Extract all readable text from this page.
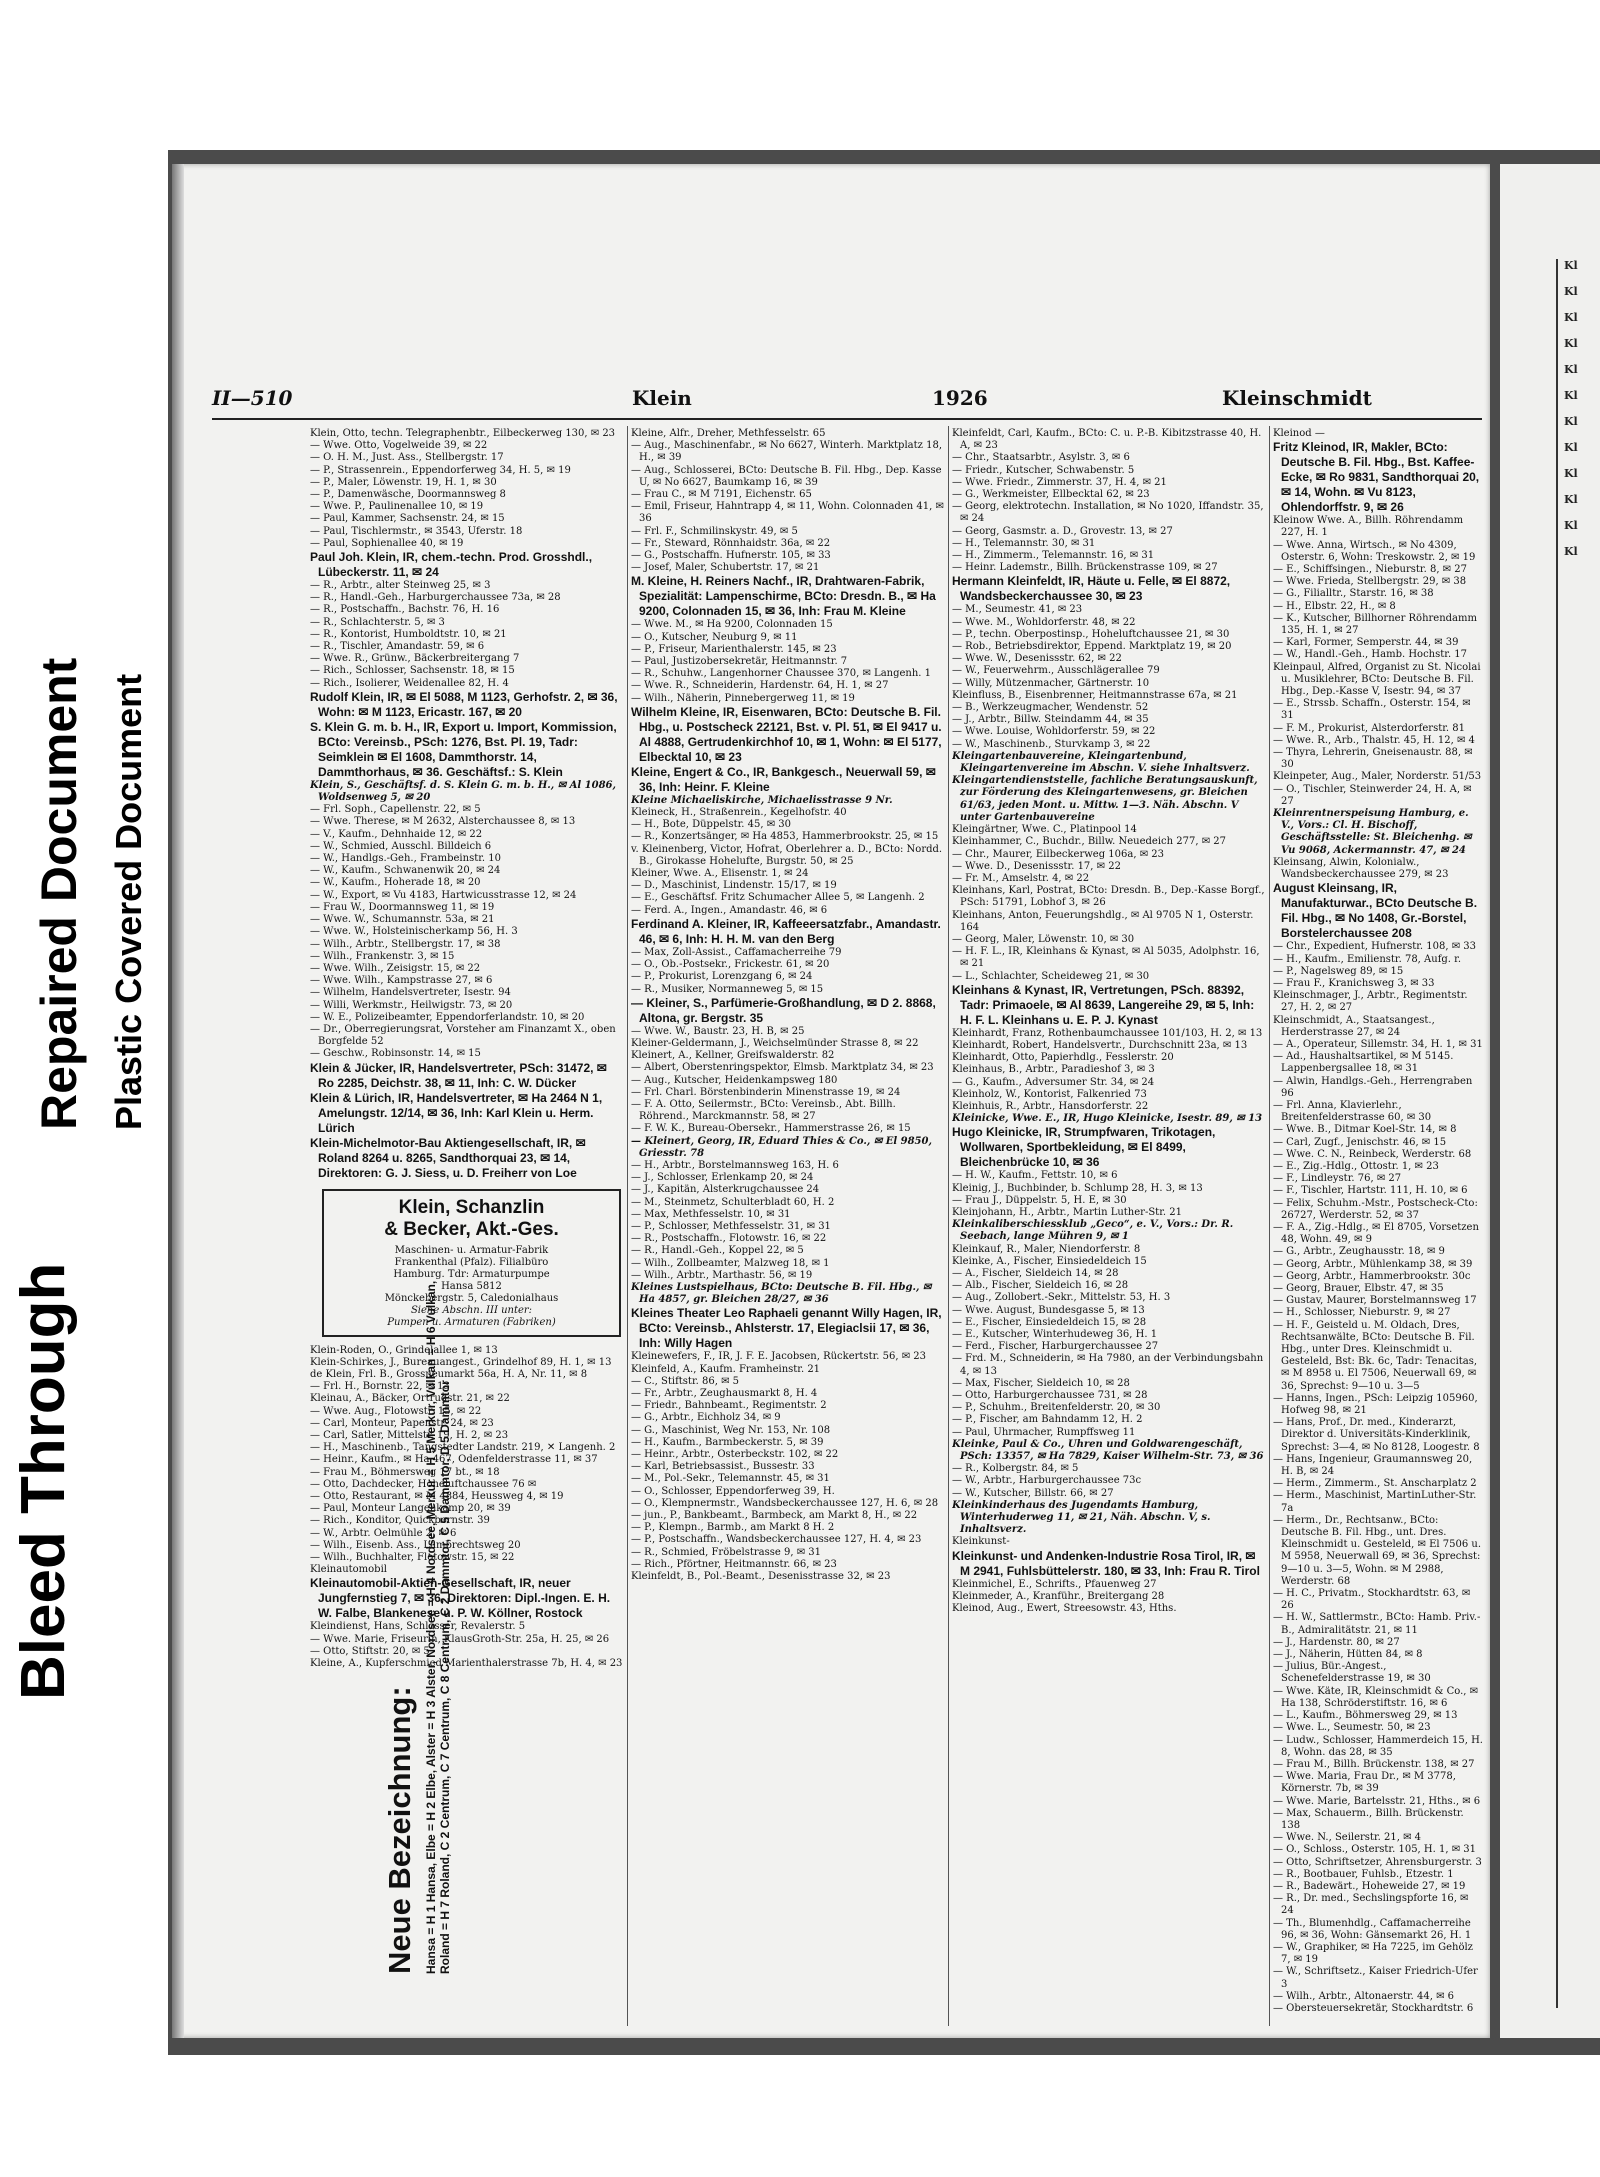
Bleed Through
Repaired Document Plastic Covered Document
II—510	Klein	1926	Kleinschmidt
Neue Bezeichnung: Hansa = H 1 Hansa, Elbe = H 2 Elbe, Alster = H 3 Alster, Nordsee = H 4 Nordsee, Merkur = H 5 Merkur, Vulkan = H 6 Vulkan, Roland = H 7 Roland, C 2 Centrum, C 7 Centrum, C 8 Centrum, C 2 Dammtor, C 5 Dammtor, D 5 Dammtor

Klein, Otto, techn. Telegraphenbtr., Eilbeckerweg 130, ✉ 23

— Wwe. Otto, Vogelweide 39, ✉ 22

— O. H. M., Just. Ass., Stellbergstr. 17

— P., Strassenrein., Eppendorferweg 34, H. 5, ✉ 19

— P., Maler, Löwenstr. 19, H. 1, ✉ 30

— P., Damenwäsche, Doormannsweg 8

— Wwe. P., Paulinenallee 10, ✉ 19

— Paul, Kammer, Sachsenstr. 24, ✉ 15

— Paul, Tischlermstr., ✉ 3543, Uferstr. 18

— Paul, Sophienallee 40, ✉ 19

Paul Joh. Klein, IR, chem.-techn. Prod. Grosshdl., Lübeckerstr. 11, ✉ 24

— R., Arbtr., alter Steinweg 25, ✉ 3

— R., Handl.-Geh., Harburgerchaussee 73a, ✉ 28

— R., Postschaffn., Bachstr. 76, H. 16

— R., Schlachterstr. 5, ✉ 3

— R., Kontorist, Humboldtstr. 10, ✉ 21

— R., Tischler, Amandastr. 59, ✉ 6

— Wwe. R., Grünw., Bäckerbreitergang 7

— Rich., Schlosser, Sachsenstr. 18, ✉ 15

— Rich., Isolierer, Weidenallee 82, H. 4

Rudolf Klein, IR, ✉ El 5088, M 1123, Gerhofstr. 2, ✉ 36, Wohn: ✉ M 1123, Ericastr. 167, ✉ 20

S. Klein G. m. b. H., IR, Export u. Import, Kommission, BCto: Vereinsb., PSch: 1276, Bst. Pl. 19, Tadr: Seimklein ✉ El 1608, Dammthorstr. 14, Dammthorhaus, ✉ 36. Geschäftsf.: S. Klein

Klein, S., Geschäftsf. d. S. Klein G. m. b. H., ✉ Al 1086, Woldsenweg 5, ✉ 20

— Frl. Soph., Capellenstr. 22, ✉ 5

— Wwe. Therese, ✉ M 2632, Alsterchaussee 8, ✉ 13

— V., Kaufm., Dehnhaide 12, ✉ 22

— W., Schmied, Ausschl. Billdeich 6

— W., Handlgs.-Geh., Frambeinstr. 10

— W., Kaufm., Schwanenwik 20, ✉ 24

— W., Kaufm., Hoherade 18, ✉ 20

— W., Export, ✉ Vu 4183, Hartwicusstrasse 12, ✉ 24

— Frau W., Doormannsweg 11, ✉ 19

— Wwe. W., Schumannstr. 53a, ✉ 21

— Wwe. W., Holsteinischerkamp 56, H. 3

— Wilh., Arbtr., Stellbergstr. 17, ✉ 38

— Wilh., Frankenstr. 3, ✉ 15

— Wwe. Wilh., Zeisigstr. 15, ✉ 22

— Wwe. Wilh., Kampstrasse 27, ✉ 6

— Wilhelm, Handelsvertreter, Isestr. 94

— Willi, Werkmstr., Heilwigstr. 73, ✉ 20

— W. E., Polizeibeamter, Eppendorferlandstr. 10, ✉ 20

— Dr., Oberregierungsrat, Vorsteher am Finanzamt X., oben Borgfelde 52

— Geschw., Robinsonstr. 14, ✉ 15

Klein & Jücker, IR, Handelsvertreter, PSch: 31472, ✉ Ro 2285, Deichstr. 38, ✉ 11, Inh: C. W. Dücker

Klein & Lürich, IR, Handelsvertreter, ✉ Ha 2464 N 1, Amelungstr. 12/14, ✉ 36, Inh: Karl Klein u. Herm. Lürich

Klein-Michelmotor-Bau Aktiengesellschaft, IR, ✉ Roland 8264 u. 8265, Sandthorquai 23, ✉ 14, Direktoren: G. J. Siess, u. D. Freiherr von Loe

Klein, Schanzlin
& Becker, Akt.-Ges.
Maschinen- u. Armatur-Fabrik
Frankenthal (Pfalz). Filialbüro
Hamburg. Tdr: Armaturpumpe
Hansa 5812
Mönckebergstr. 5, Caledonialhaus
Siehe Abschn. III unter:
Pumpen u. Armaturen (Fabriken)

Klein-Roden, O., Grindelallee 1, ✉ 13

Klein-Schirkes, J., Bureauangest., Grindelhof 89, H. 1, ✉ 13

de Klein, Frl. B., Grossneumarkt 56a, H. A, Nr. 11, ✉ 8

— Frl. H., Bornstr. 22, ✉ 13

Kleinau, A., Bäcker, Ortrudstr. 21, ✉ 22

— Wwe. Aug., Flotowstr. 15, ✉ 22

— Carl, Monteur, Papenstr. 24, ✉ 23

— Carl, Satler, Mittelstr. 19, H. 2, ✉ 23

— H., Maschinenb., Tangstedter Landstr. 219, ✕ Langenh. 2

— Heinr., Kaufm., ✉ Ha 467, Odenfelderstrasse 11, ✉ 37

— Frau M., Böhmersweg 17 bt., ✉ 18

— Otto, Dachdecker, Hoheluftchaussee 76 ✉

— Otto, Restaurant, ✉ M 4884, Heussweg 4, ✉ 19

— Paul, Monteur Langenkamp 20, ✉ 39

— Rich., Konditor, Quickbornstr. 39

— W., Arbtr. Oelmühle 2, ✉ 6

— Wilh., Eisenb. Ass., Lambrechtsweg 20

— Wilh., Buchhalter, Flotowstr. 15, ✉ 22

Kleinautomobil

Kleinautomobil-Aktien-Gesellschaft, IR, neuer Jungfernstieg 7, ✉ 36, Direktoren: Dipl.-Ingen. E. H. W. Falbe, Blankenese u. P. W. Köllner, Rostock

Kleindienst, Hans, Schlosser, Revalerstr. 5

— Wwe. Marie, Friseurin, KlausGroth-Str. 25a, H. 25, ✉ 26

— Otto, Stiftstr. 20, ✉ 5

Kleine, A., Kupferschmied Marienthalerstrasse 7b, H. 4, ✉ 23

Kleine, Alfr., Dreher, Methfesselstr. 65

— Aug., Maschinenfabr., ✉ No 6627, Winterh. Marktplatz 18, H., ✉ 39

— Aug., Schlosserei, BCto: Deutsche B. Fil. Hbg., Dep. Kasse U, ✉ No 6627, Baumkamp 16, ✉ 39

— Frau C., ✉ M 7191, Eichenstr. 65

— Emil, Friseur, Hahntrapp 4, ✉ 11, Wohn. Colonnaden 41, ✉ 36

— Frl. F., Schmilinskystr. 49, ✉ 5

— Fr., Steward, Rönnhaidstr. 36a, ✉ 22

— G., Postschaffn. Hufnerstr. 105, ✉ 33

— Josef, Maler, Schubertstr. 17, ✉ 21

M. Kleine, H. Reiners Nachf., IR, Drahtwaren-Fabrik, Spezialität: Lampenschirme, BCto: Dresdn. B., ✉ Ha 9200, Colonnaden 15, ✉ 36, Inh: Frau M. Kleine

— Wwe. M., ✉ Ha 9200, Colonnaden 15

— O., Kutscher, Neuburg 9, ✉ 11

— P., Friseur, Marienthalerstr. 145, ✉ 23

— Paul, Justizobersekretär, Heitmannstr. 7

— R., Schuhw., Langenhorner Chaussee 370, ✉ Langenh. 1

— Wwe. R., Schneiderin, Hardenstr. 64, H. 1, ✉ 27

— Wilh., Näherin, Pinnebergerweg 11, ✉ 19

Wilhelm Kleine, IR, Eisenwaren, BCto: Deutsche B. Fil. Hbg., u. Postscheck 22121, Bst. v. Pl. 51, ✉ El 9417 u. Al 4888, Gertrudenkirchhof 10, ✉ 1, Wohn: ✉ El 5177, Elbecktal 10, ✉ 23

Kleine, Engert & Co., IR, Bankgesch., Neuerwall 59, ✉ 36, Inh: Heinr. F. Kleine

Kleine Michaeliskirche, Michaelisstrasse 9 Nr.

Kleineck, H., Straßenrein., Kegelhofstr. 40

— H., Bote, Düppelstr. 45, ✉ 30

— R., Konzertsänger, ✉ Ha 4853, Hammerbrookstr. 25, ✉ 15

v. Kleinenberg, Victor, Hofrat, Oberlehrer a. D., BCto: Nordd. B., Girokasse Hohelufte, Burgstr. 50, ✉ 25

Kleiner, Wwe. A., Elisenstr. 1, ✉ 24

— D., Maschinist, Lindenstr. 15/17, ✉ 19

— E., Geschäftsf. Fritz Schumacher Allee 5, ✉ Langenh. 2

— Ferd. A., Ingen., Amandastr. 46, ✉ 6

Ferdinand A. Kleiner, IR, Kaffeeersatzfabr., Amandastr. 46, ✉ 6, Inh: H. H. M. van den Berg

— Max, Zoll-Assist., Caffamacherreihe 79

— O., Ob.-Postsekr., Frickestr. 61, ✉ 20

— P., Prokurist, Lorenzgang 6, ✉ 24

— R., Musiker, Normanneweg 5, ✉ 15

— Kleiner, S., Parfümerie-Großhandlung, ✉ D 2. 8868, Altona, gr. Bergstr. 35

— Wwe. W., Baustr. 23, H. B, ✉ 25

Kleiner-Geldermann, J., Weichselmünder Strasse 8, ✉ 22

Kleinert, A., Kellner, Greifswalderstr. 82

— Albert, Oberstenringspektor, Elmsb. Marktplatz 34, ✉ 23

— Aug., Kutscher, Heidenkampsweg 180

— Frl. Charl. Börstenbinderin Minenstrasse 19, ✉ 24

— F. A. Otto, Seilermstr., BCto: Vereinsb., Abt. Billh. Röhrend., Marckmannstr. 58, ✉ 27

— F. W. K., Bureau-Obersekr., Hammerstrasse 26, ✉ 15

— Kleinert, Georg, IR, Eduard Thies & Co., ✉ El 9850, Griesstr. 78

— H., Arbtr., Borstelmannsweg 163, H. 6

— J., Schlosser, Erlenkamp 20, ✉ 24

— J., Kapitän, Alsterkrugchaussee 24

— M., Steinmetz, Schulterbladt 60, H. 2

— Max, Methfesselstr. 10, ✉ 31

— P., Schlosser, Methfesselstr. 31, ✉ 31

— R., Postschaffn., Flotowstr. 16, ✉ 22

— R., Handl.-Geh., Koppel 22, ✉ 5

— Wilh., Zollbeamter, Malzweg 18, ✉ 1

— Wilh., Arbtr., Marthastr. 56, ✉ 19

Kleines Lustspielhaus, BCto: Deutsche B. Fil. Hbg., ✉ Ha 4857, gr. Bleichen 28/27, ✉ 36

Kleines Theater Leo Raphaeli genannt Willy Hagen, IR, BCto: Vereinsb., Ahlsterstr. 17, Elegiaclsii 17, ✉ 36, Inh: Willy Hagen

Kleinewefers, F., IR, J. F. E. Jacobsen, Rückertstr. 56, ✉ 23

Kleinfeld, A., Kaufm. Framheinstr. 21

— C., Stiftstr. 86, ✉ 5

— Fr., Arbtr., Zeughausmarkt 8, H. 4

— Friedr., Bahnbeamt., Regimentstr. 2

— G., Arbtr., Eichholz 34, ✉ 9

— G., Maschinist, Weg Nr. 153, Nr. 108

— H., Kaufm., Barmbeckerstr. 5, ✉ 39

— Heinr., Arbtr., Osterbeckstr. 102, ✉ 22

— Karl, Betriebsassist., Bussestr. 33

— M., Pol.-Sekr., Telemannstr. 45, ✉ 31

— O., Schlosser, Eppendorferweg 39, H.

— O., Klempnermstr., Wandsbeckerchaussee 127, H. 6, ✉ 28

— jun., P., Bankbeamt., Barmbeck, am Markt 8, H., ✉ 22

— P., Klempn., Barmb., am Markt 8 H. 2

— P., Postschaffn., Wandsbeckerchaussee 127, H. 4, ✉ 23

— R., Schmied, Fröbelstrasse 9, ✉ 31

— Rich., Pförtner, Heitmannstr. 66, ✉ 23

Kleinfeldt, B., Pol.-Beamt., Desenisstrasse 32, ✉ 23

Kleinfeldt, Carl, Kaufm., BCto: C. u. P.-B. Kibitzstrasse 40, H. A, ✉ 23

— Chr., Staatsarbtr., Asylstr. 3, ✉ 6

— Friedr., Kutscher, Schwabenstr. 5

— Wwe. Friedr., Zimmerstr. 37, H. 4, ✉ 21

— G., Werkmeister, Ellbecktal 62, ✉ 23

— Georg, elektrotechn. Installation, ✉ No 1020, Iffandstr. 35, ✉ 24

— Georg, Gasmstr. a. D., Grovestr. 13, ✉ 27

— H., Telemannstr. 30, ✉ 31

— H., Zimmerm., Telemannstr. 16, ✉ 31

— Heinr. Lademstr., Billh. Brückenstrasse 109, ✉ 27

Hermann Kleinfeldt, IR, Häute u. Felle, ✉ El 8872, Wandsbeckerchaussee 30, ✉ 23

— M., Seumestr. 41, ✉ 23

— Wwe. M., Wohldorferstr. 48, ✉ 22

— P., techn. Oberpostinsp., Hoheluftchaussee 21, ✉ 30

— Rob., Betriebsdirektor, Eppend. Marktplatz 19, ✉ 20

— Wwe. W., Desenissstr. 62, ✉ 22

— W., Feuerwehrm., Ausschlägerallee 79

— Willy, Mützenmacher, Gärtnerstr. 10

Kleinfluss, B., Eisenbrenner, Heitmannstrasse 67a, ✉ 21

— B., Werkzeugmacher, Wendenstr. 52

— J., Arbtr., Billw. Steindamm 44, ✉ 35

— Wwe. Louise, Wohldorferstr. 59, ✉ 22

— W., Maschinenb., Sturvkamp 3, ✉ 22

Kleingartenbauvereine, Kleingartenbund, Kleingartenvereine im Abschn. V. siehe Inhaltsverz.

Kleingartendienststelle, fachliche Beratungsauskunft, zur Förderung des Kleingartenwesens, gr. Bleichen 61/63, jeden Mont. u. Mittw. 1—3. Näh. Abschn. V unter Gartenbauvereine

Kleingärtner, Wwe. C., Platinpool 14

Kleinhammer, C., Buchdr., Billw. Neuedeich 277, ✉ 27

— Chr., Maurer, Eilbeckerweg 106a, ✉ 23

— Wwe. D., Desenissstr. 17, ✉ 22

— Fr. M., Amselstr. 4, ✉ 22

Kleinhans, Karl, Postrat, BCto: Dresdn. B., Dep.-Kasse Borgf., PSch: 51791, Lobhof 3, ✉ 26

Kleinhans, Anton, Feuerungshdlg., ✉ Al 9705 N 1, Osterstr. 164

— Georg, Maler, Löwenstr. 10, ✉ 30

— H. F. L., IR, Kleinhans & Kynast, ✉ Al 5035, Adolphstr. 16, ✉ 21

— L., Schlachter, Scheideweg 21, ✉ 30

Kleinhans & Kynast, IR, Vertretungen, PSch. 88392, Tadr: Primaoele, ✉ Al 8639, Langereihe 29, ✉ 5, Inh: H. F. L. Kleinhans u. E. P. J. Kynast

Kleinhardt, Franz, Rothenbaumchaussee 101/103, H. 2, ✉ 13

Kleinhardt, Robert, Handelsvertr., Durchschnitt 23a, ✉ 13

Kleinhardt, Otto, Papierhdlg., Fesslerstr. 20

Kleinhaus, B., Arbtr., Paradieshof 3, ✉ 3

— G., Kaufm., Adversumer Str. 34, ✉ 24

Kleinholz, W., Kontorist, Falkenried 73

Kleinhuis, R., Arbtr., Hansdorferstr. 22

Kleinicke, Wwe. E., IR, Hugo Kleinicke, Isestr. 89, ✉ 13

Hugo Kleinicke, IR, Strumpfwaren, Trikotagen, Wollwaren, Sportbekleidung, ✉ El 8499, Bleichenbrücke 10, ✉ 36

— H. W., Kaufm., Fettstr. 10, ✉ 6

Kleinig, J., Buchbinder, b. Schlump 28, H. 3, ✉ 13

— Frau J., Düppelstr. 5, H. E, ✉ 30

Kleinjohann, H., Arbtr., Martin Luther-Str. 21

Kleinkaliberschiessklub „Geco“, e. V., Vors.: Dr. R. Seebach, lange Mühren 9, ✉ 1

Kleinkauf, R., Maler, Niendorferstr. 8

Kleinke, A., Fischer, Einsiedeldeich 15

— A., Fischer, Sieldeich 14, ✉ 28

— Alb., Fischer, Sieldeich 16, ✉ 28

— Aug., Zollobert.-Sekr., Mittelstr. 53, H. 3

— Wwe. August, Bundesgasse 5, ✉ 13

— E., Fischer, Einsiedeldeich 15, ✉ 28

— E., Kutscher, Winterhudeweg 36, H. 1

— Ferd., Fischer, Harburgerchaussee 27

— Frd. M., Schneiderin, ✉ Ha 7980, an der Verbindungsbahn 4, ✉ 13

— Max, Fischer, Sieldeich 10, ✉ 28

— Otto, Harburgerchaussee 731, ✉ 28

— P., Schuhm., Breitenfelderstr. 20, ✉ 30

— P., Fischer, am Bahndamm 12, H. 2

— Paul, Uhrmacher, Rumpffsweg 11

Kleinke, Paul & Co., Uhren und Goldwarengeschäft, PSch: 13357, ✉ Ha 7829, Kaiser Wilhelm-Str. 73, ✉ 36

— R., Kolbergstr. 84, ✉ 5

— W., Arbtr., Harburgerchaussee 73c

— W., Kutscher, Billstr. 66, ✉ 27

Kleinkinderhaus des Jugendamts Hamburg, Winterhuderweg 11, ✉ 21, Näh. Abschn. V, s. Inhaltsverz.

Kleinkunst-

Kleinkunst- und Andenken-Industrie Rosa Tirol, IR, ✉ M 2941, Fuhlsbüttelerstr. 180, ✉ 33, Inh: Frau R. Tirol

Kleinmichel, E., Schrifts., Pfauenweg 27

Kleinmeder, A., Kranführ., Breitergang 28

Kleinod, Aug., Ewert, Streesowstr. 43, Hths.

Kleinod —

Fritz Kleinod, IR, Makler, BCto: Deutsche B. Fil. Hbg., Bst. Kaffee-Ecke, ✉ Ro 9831, Sandthorquai 20, ✉ 14, Wohn. ✉ Vu 8123, Ohlendorffstr. 9, ✉ 26

Kleinow Wwe. A., Billh. Röhrendamm 227, H. 1

— Wwe. Anna, Wirtsch., ✉ No 4309, Osterstr. 6, Wohn: Treskowstr. 2, ✉ 19

— E., Schiffsingen., Nieburstr. 8, ✉ 27

— Wwe. Frieda, Stellbergstr. 29, ✉ 38

— G., Filialltr., Starstr. 16, ✉ 38

— H., Elbstr. 22, H., ✉ 8

— K., Kutscher, Billhorner Röhrendamm 135, H. 1, ✉ 27

— Karl, Former, Semperstr. 44, ✉ 39

— W., Handl.-Geh., Hamb. Hochstr. 17

Kleinpaul, Alfred, Organist zu St. Nicolai u. Musiklehrer, BCto: Deutsche B. Fil. Hbg., Dep.-Kasse V, Isestr. 94, ✉ 37

— E., Strssb. Schaffn., Osterstr. 154, ✉ 31

— F. M., Prokurist, Alsterdorferstr. 81

— Wwe. R., Arb., Thalstr. 45, H. 12, ✉ 4

— Thyra, Lehrerin, Gneisenaustr. 88, ✉ 30

Kleinpeter, Aug., Maler, Norderstr. 51/53

— O., Tischler, Steinwerder 24, H. A, ✉ 27

Kleinrentnerspeisung Hamburg, e. V., Vors.: Cl. H. Bischoff, Geschäftsstelle: St. Bleichenhg. ✉ Vu 9068, Ackermannstr. 47, ✉ 24

Kleinsang, Alwin, Kolonialw., Wandsbeckerchaussee 279, ✉ 23

August Kleinsang, IR, Manufakturwar., BCto Deutsche B. Fil. Hbg., ✉ No 1408, Gr.-Borstel, Borstelerchaussee 208

— Chr., Expedient, Hufnerstr. 108, ✉ 33

— H., Kaufm., Emilienstr. 78, Aufg. r.

— P., Nagelsweg 89, ✉ 15

— Frau F., Kranichsweg 3, ✉ 33

Kleinschmager, J., Arbtr., Regimentstr. 27, H. 2, ✉ 27

Kleinschmidt, A., Staatsangest., Herderstrasse 27, ✉ 24

— A., Operateur, Sillemstr. 34, H. 1, ✉ 31

— Ad., Haushaltsartikel, ✉ M 5145. Lappenbergsallee 18, ✉ 31

— Alwin, Handlgs.-Geh., Herrengraben 96

— Frl. Anna, Klavierlehr., Breitenfelderstrasse 60, ✉ 30

— Wwe. B., Ditmar Koel-Str. 14, ✉ 8

— Carl, Zugf., Jenischstr. 46, ✉ 15

— Wwe. C. N., Reinbeck, Werderstr. 68

— E., Zig.-Hdlg., Ottostr. 1, ✉ 23

— F., Lindleystr. 76, ✉ 27

— F., Tischler, Hartstr. 111, H. 10, ✉ 6

— Felix, Schuhm.-Mstr., Postscheck-Cto: 26727, Werderstr. 52, ✉ 37

— F. A., Zig.-Hdlg., ✉ El 8705, Vorsetzen 48, Wohn. 49, ✉ 9

— G., Arbtr., Zeughausstr. 18, ✉ 9

— Georg, Arbtr., Mühlenkamp 38, ✉ 39

— Georg, Arbtr., Hammerbrookstr. 30c

— Georg, Brauer, Elbstr. 47, ✉ 35

— Gustav, Maurer, Borstelmannsweg 17

— H., Schlosser, Nieburstr. 9, ✉ 27

— H. F., Geisteld u. M. Oldach, Dres, Rechtsanwälte, BCto: Deutsche B. Fil. Hbg., unter Dres. Kleinschmidt u. Gesteleld, Bst: Bk. 6c, Tadr: Tenacitas, ✉ M 8958 u. El 7506, Neuerwall 69, ✉ 36, Sprechst: 9—10 u. 3—5

— Hanns, Ingen., PSch: Leipzig 105960, Hofweg 98, ✉ 21

— Hans, Prof., Dr. med., Kinderarzt, Direktor d. Universitäts-Kinderklinik, Sprechst: 3—4, ✉ No 8128, Loogestr. 8

— Hans, Ingenieur, Graumannsweg 20, H. B, ✉ 24

— Herm., Zimmerm., St. Anscharplatz 2

— Herm., Maschinist, MartinLuther-Str. 7a

— Herm., Dr., Rechtsanw., BCto: Deutsche B. Fil. Hbg., unt. Dres. Kleinschmidt u. Gesteleld, ✉ El 7506 u. M 5958, Neuerwall 69, ✉ 36, Sprechst: 9—10 u. 3—5, Wohn. ✉ M 2988, Werderstr. 68

— H. C., Privatm., Stockhardtstr. 63, ✉ 26

— H. W., Sattlermstr., BCto: Hamb. Priv.-B., Admiralitätstr. 21, ✉ 11

— J., Hardenstr. 80, ✉ 27

— J., Näherin, Hütten 84, ✉ 8

— Julius, Bür.-Angest., Schenefelderstrasse 19, ✉ 30

— Wwe. Käte, IR, Kleinschmidt & Co., ✉ Ha 138, Schröderstiftstr. 16, ✉ 6

— L., Kaufm., Böhmersweg 29, ✉ 13

— Wwe. L., Seumestr. 50, ✉ 23

— Ludw., Schlosser, Hammerdeich 15, H. 8, Wohn. das 28, ✉ 35

— Frau M., Billh. Brückenstr. 138, ✉ 27

— Wwe. Maria, Frau Dr., ✉ M 3778, Körnerstr. 7b, ✉ 39

— Wwe. Marie, Bartelsstr. 21, Hths., ✉ 6

— Max, Schauerm., Billh. Brückenstr. 138

— Wwe. N., Seilerstr. 21, ✉ 4

— O., Schloss., Osterstr. 105, H. 1, ✉ 31

— Otto, Schriftsetzer, Ahrensburgerstr. 3

— R., Bootbauer, Fuhlsb., Etzestr. 1

— R., Badewärt., Hoheweide 27, ✉ 19

— R., Dr. med., Sechslingspforte 16, ✉ 24

— Th., Blumenhdlg., Caffamacherreihe 96, ✉ 36, Wohn: Gänsemarkt 26, H. 1

— W., Graphiker, ✉ Ha 7225, im Gehölz 7, ✉ 19

— W., Schriftsetz., Kaiser Friedrich-Ufer 3

— Wilh., Arbtr., Altonaerstr. 44, ✉ 6

— Obersteuersekretär, Stockhardtstr. 6

Kl
Kl
Kl
Kl
Kl
Kl
Kl
Kl
Kl
Kl
Kl
Kl
